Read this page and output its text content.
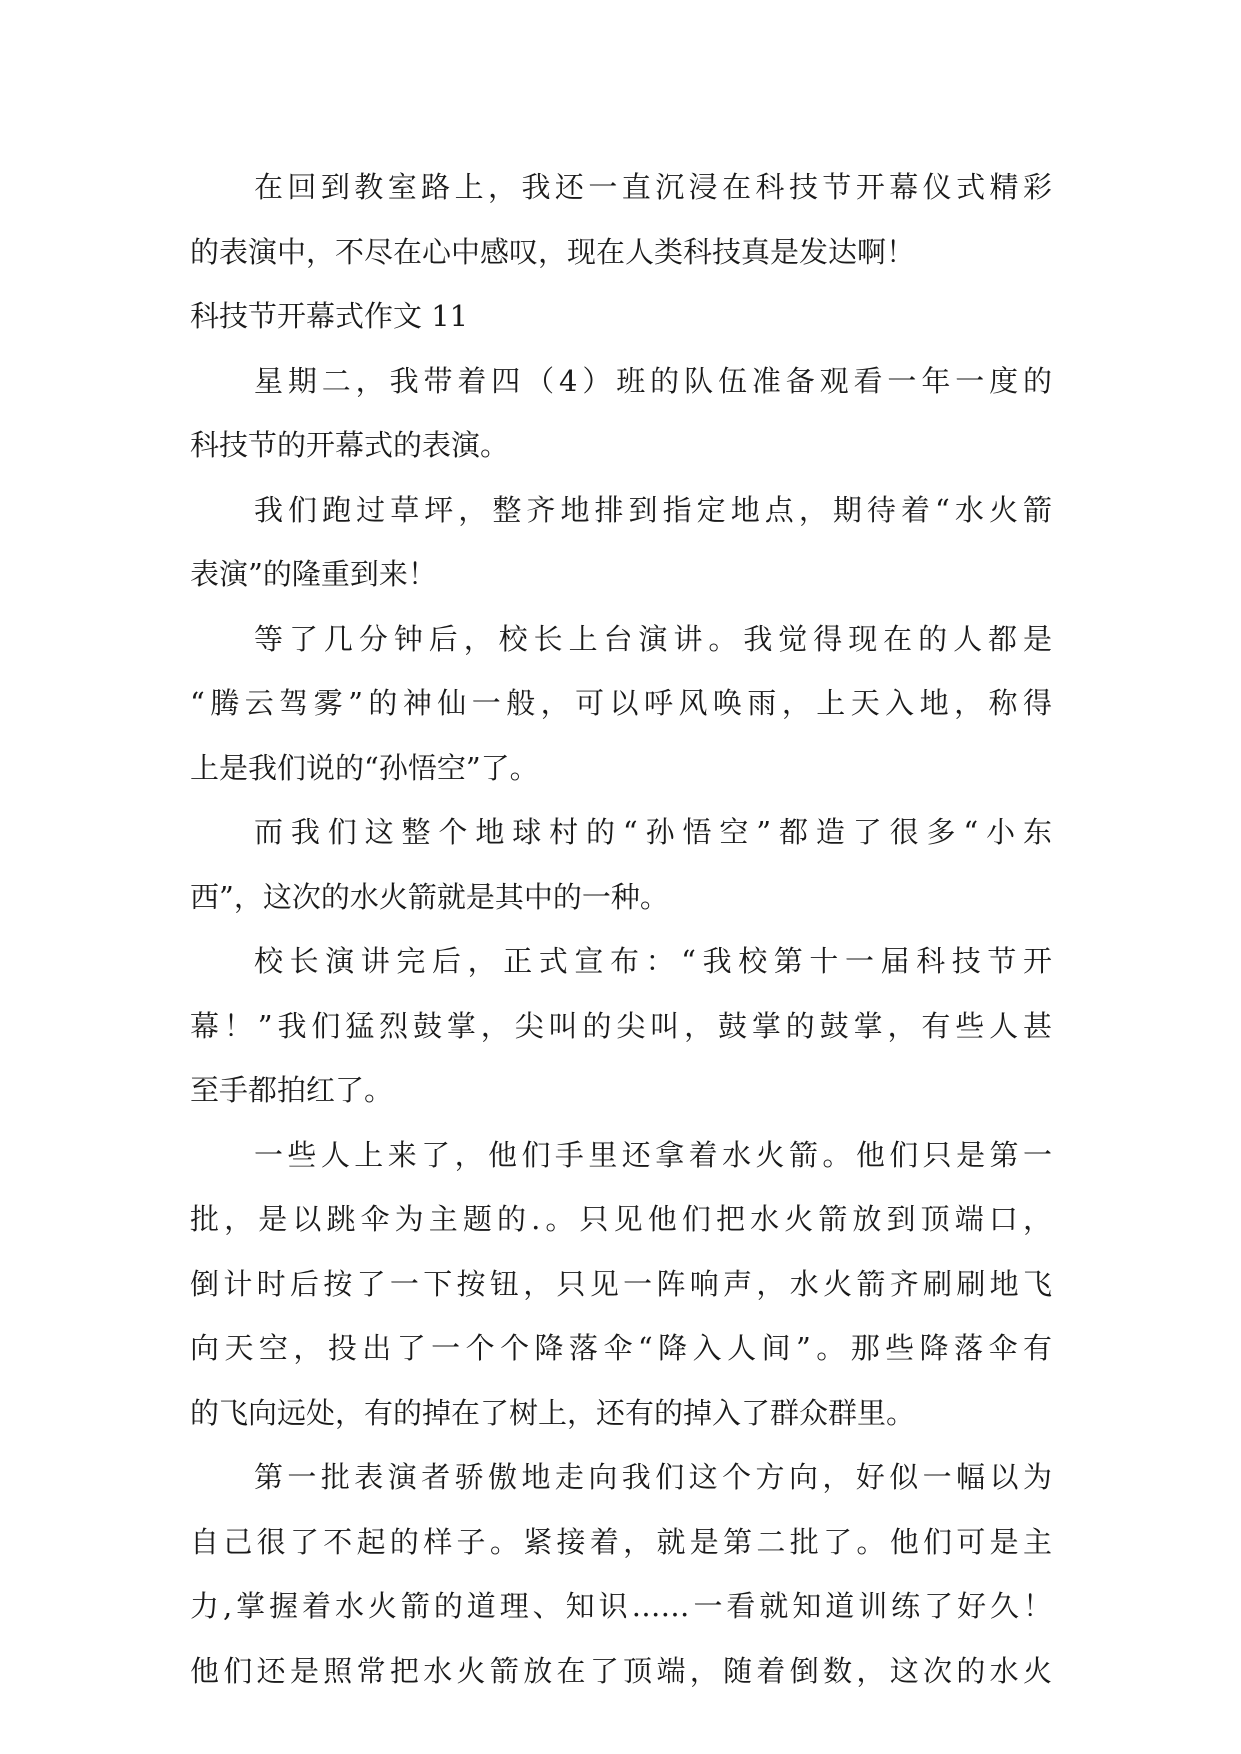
在回到教室路上，我还一直沉浸在科技节开幕仪式精彩
的表演中，不尽在心中感叹，现在人类科技真是发达啊！
科技节开幕式作文 11
星期二，我带着四（4）班的队伍准备观看一年一度的
科技节的开幕式的表演。
我们跑过草坪，整齐地排到指定地点，期待着“水火箭
表演”的隆重到来！
等了几分钟后，校长上台演讲。我觉得现在的人都是
“腾云驾雾”的神仙一般，可以呼风唤雨，上天入地，称得
上是我们说的“孙悟空”了。
而我们这整个地球村的“孙悟空”都造了很多“小东
西”，这次的水火箭就是其中的一种。
校长演讲完后，正式宣布：“我校第十一届科技节开
幕！”我们猛烈鼓掌，尖叫的尖叫，鼓掌的鼓掌，有些人甚
至手都拍红了。
一些人上来了，他们手里还拿着水火箭。他们只是第一
批，是以跳伞为主题的.。只见他们把水火箭放到顶端口，
倒计时后按了一下按钮，只见一阵响声，水火箭齐刷刷地飞
向天空，投出了一个个降落伞“降入人间”。那些降落伞有
的飞向远处，有的掉在了树上，还有的掉入了群众群里。
第一批表演者骄傲地走向我们这个方向，好似一幅以为
自己很了不起的样子。紧接着，就是第二批了。他们可是主
力,掌握着水火箭的道理、知识……一看就知道训练了好久！
他们还是照常把水火箭放在了顶端，随着倒数，这次的水火
